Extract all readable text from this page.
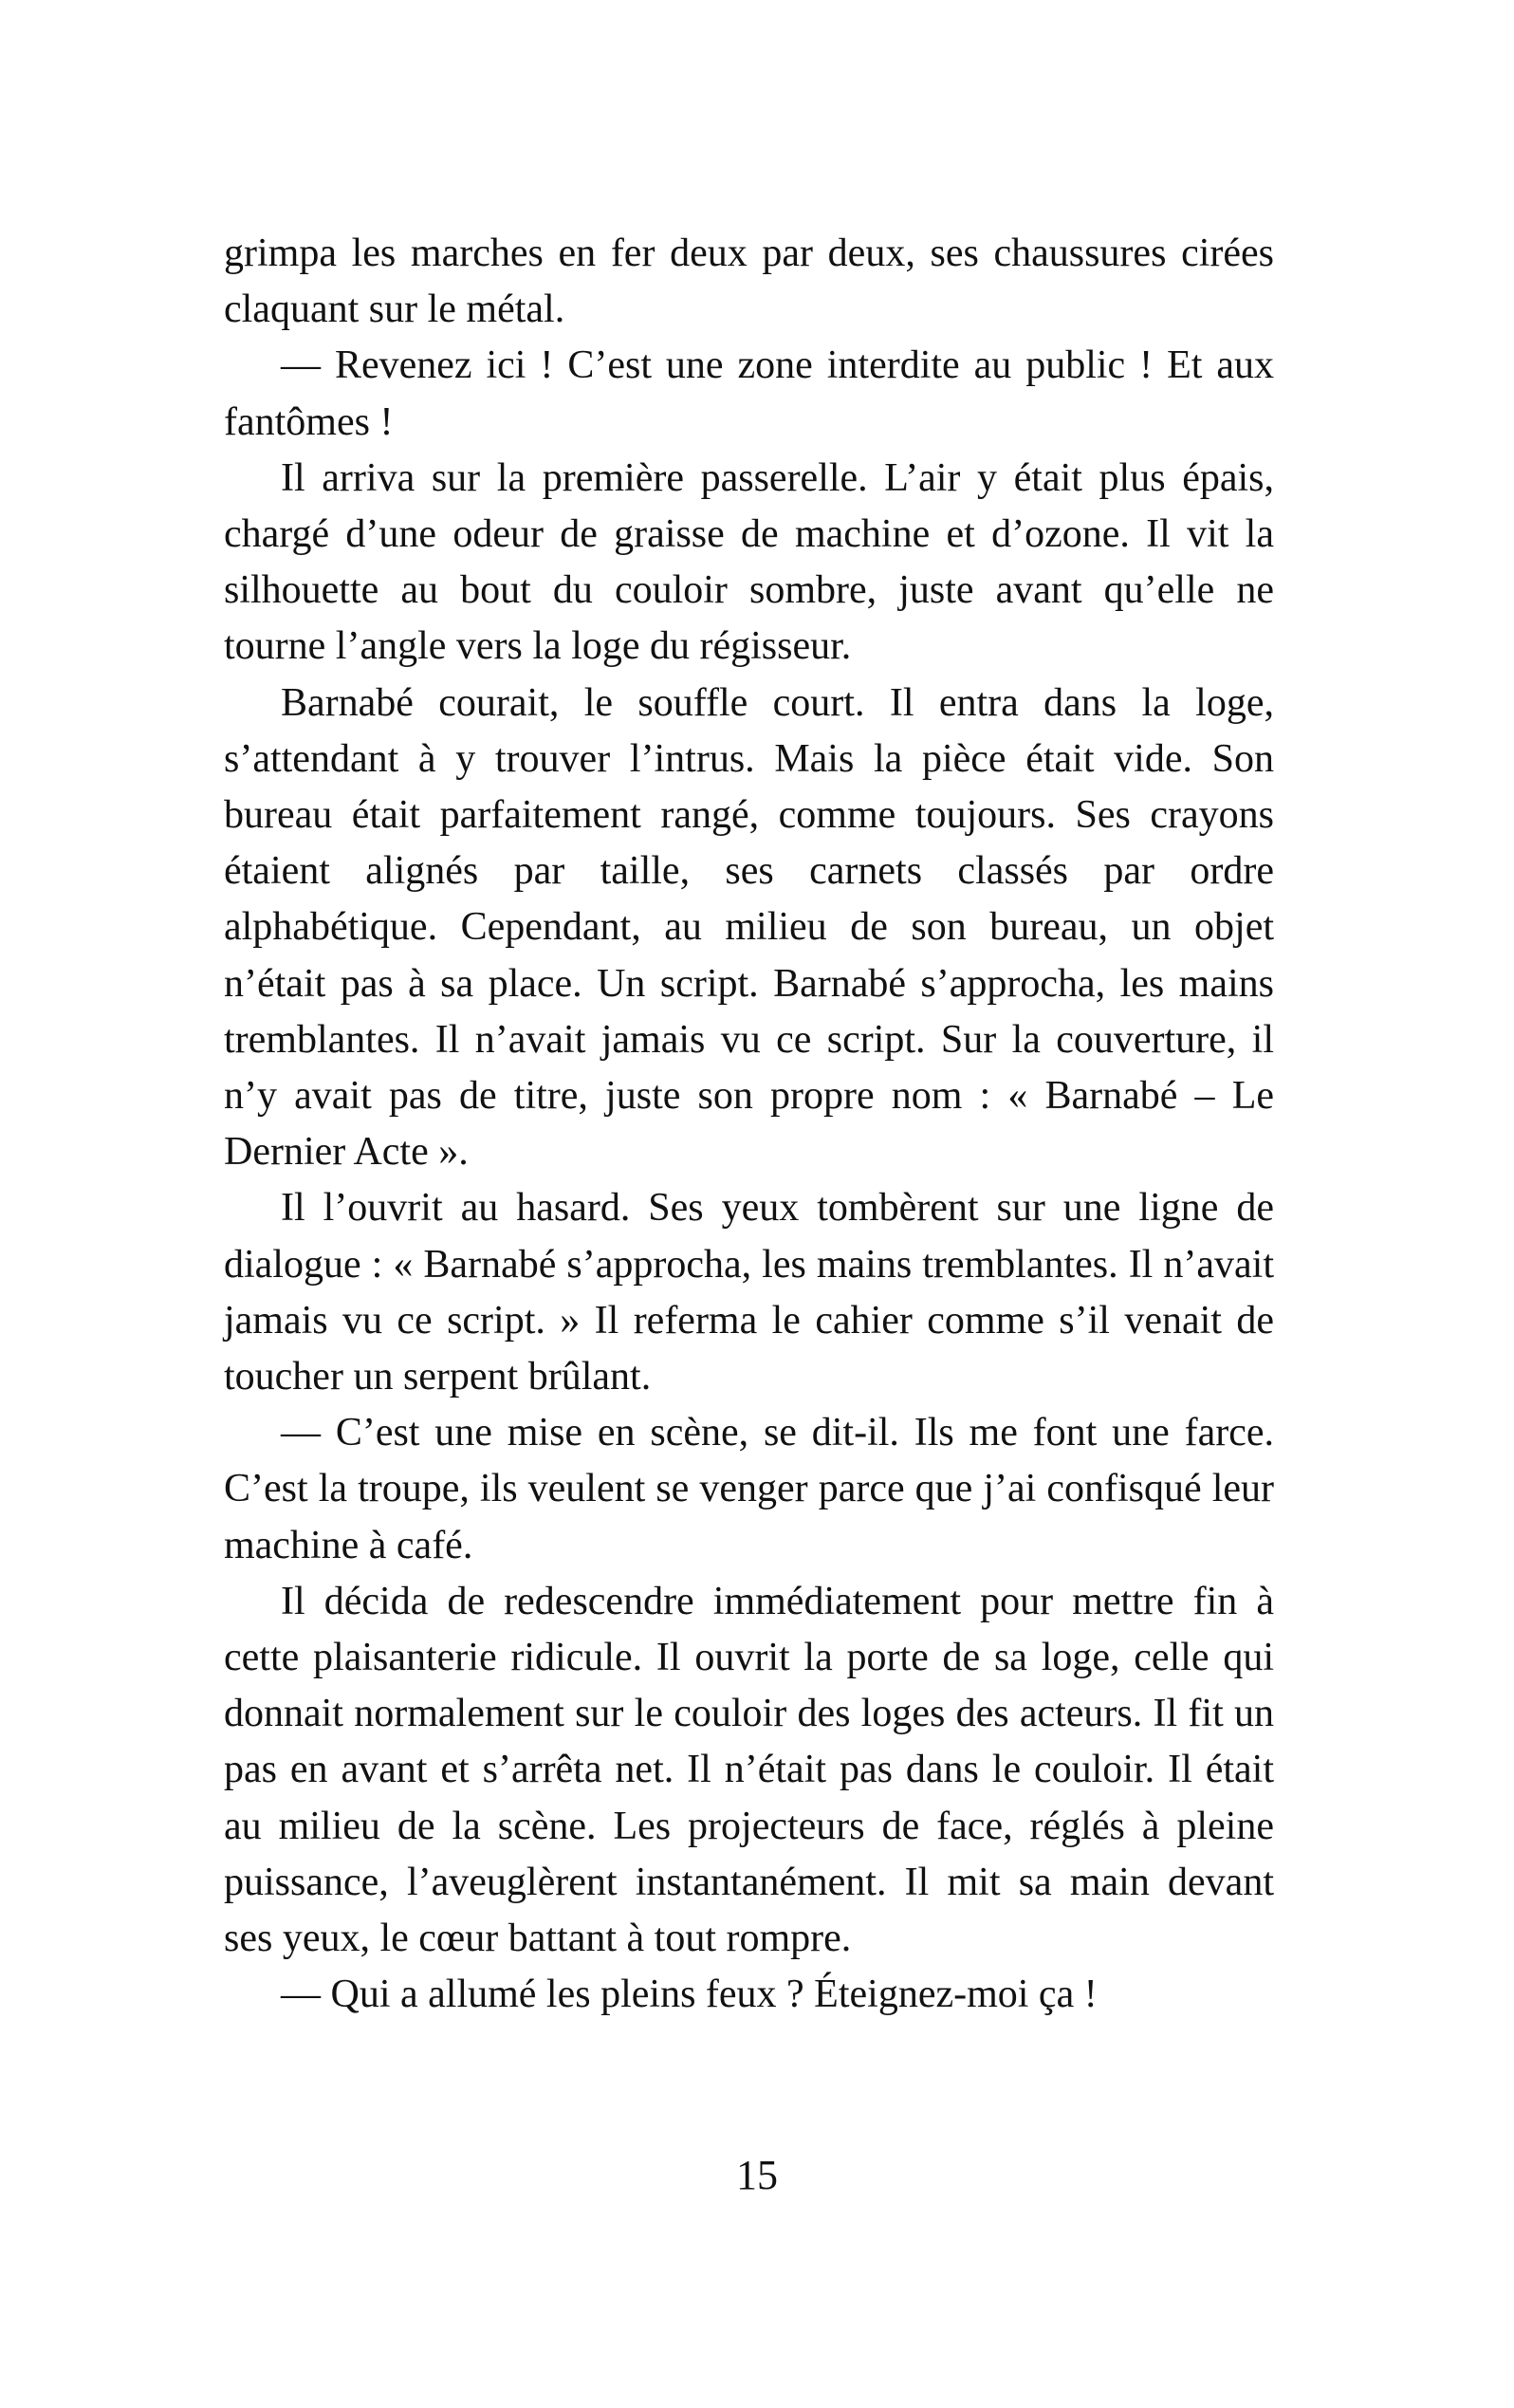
grimpa les marches en fer deux par deux, ses chaussures cirées claquant sur le métal.

— Revenez ici ! C’est une zone interdite au public ! Et aux fantômes !

Il arriva sur la première passerelle. L’air y était plus épais, chargé d’une odeur de graisse de machine et d’ozone. Il vit la silhouette au bout du couloir sombre, juste avant qu’elle ne tourne l’angle vers la loge du régisseur.

Barnabé courait, le souffle court. Il entra dans la loge, s’attendant à y trouver l’intrus. Mais la pièce était vide. Son bureau était parfaitement rangé, comme toujours. Ses crayons étaient alignés par taille, ses carnets classés par ordre alphabétique. Cependant, au milieu de son bureau, un objet n’était pas à sa place. Un script. Barnabé s’approcha, les mains tremblantes. Il n’avait jamais vu ce script. Sur la couverture, il n’y avait pas de titre, juste son propre nom : « Barnabé – Le Dernier Acte ».

Il l’ouvrit au hasard. Ses yeux tombèrent sur une ligne de dialogue : « Barnabé s’approcha, les mains tremblantes. Il n’avait jamais vu ce script. » Il referma le cahier comme s’il venait de toucher un serpent brûlant.

— C’est une mise en scène, se dit-il. Ils me font une farce. C’est la troupe, ils veulent se venger parce que j’ai confisqué leur machine à café.

Il décida de redescendre immédiatement pour mettre fin à cette plaisanterie ridicule. Il ouvrit la porte de sa loge, celle qui donnait normalement sur le couloir des loges des acteurs. Il fit un pas en avant et s’arrêta net. Il n’était pas dans le couloir. Il était au milieu de la scène. Les projecteurs de face, réglés à pleine puissance, l’aveuglèrent instantanément. Il mit sa main devant ses yeux, le cœur battant à tout rompre.

— Qui a allumé les pleins feux ? Éteignez-moi ça !

15
